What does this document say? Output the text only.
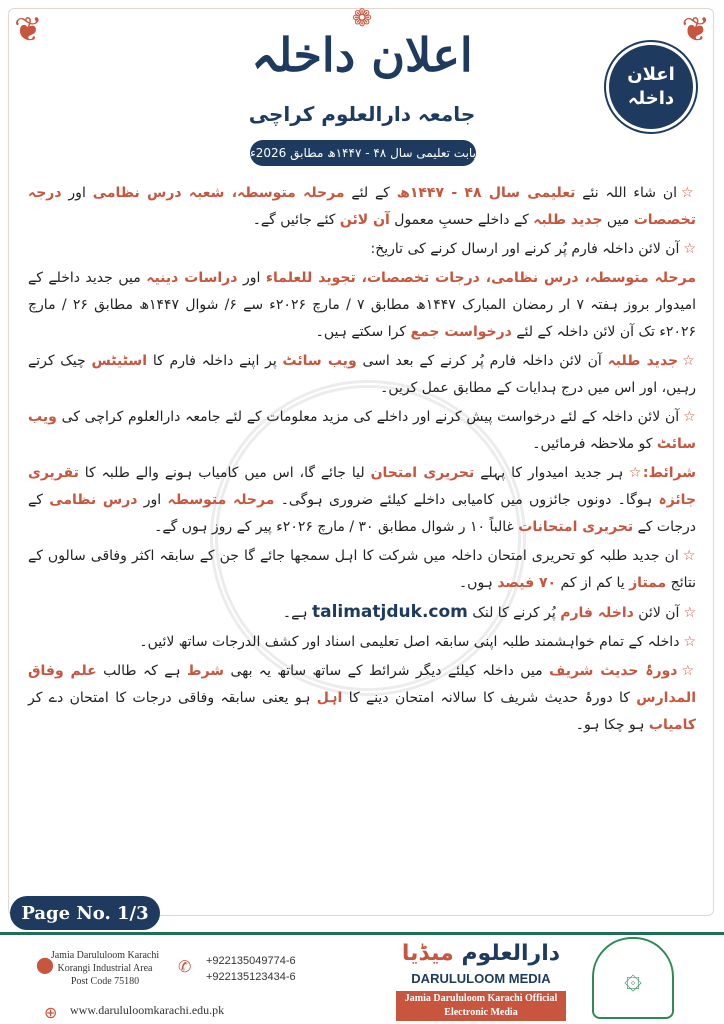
❦	❦
❁
اعلان
داخلہ
اعلان داخلہ
جامعہ دارالعلوم کراچی
بابت تعلیمی سال ۴۸ - ۱۴۴۷ھ مطابق 2026ء

☆ان شاء اللہ نئے تعلیمی سال ۴۸ - ۱۴۴۷ھ کے لئے مرحلہ متوسطہ، شعبہ درس نظامی اور درجہ تخصصات میں جدید طلبہ کے داخلے حسبِ معمول آن لائن کئے جائیں گے۔

☆آن لائن داخلہ فارم پُر کرنے اور ارسال کرنے کی تاریخ:

مرحلہ متوسطہ، درس نظامی، درجات تخصصات، تجوید للعلماء اور دراسات دینیہ میں جدید داخلے کے امیدوار بروز ہفتہ ۷ ار رمضان المبارک ۱۴۴۷ھ مطابق ۷ / مارچ ۲۰۲۶ء سے ۶/ شوال ۱۴۴۷ھ مطابق ۲۶ / مارچ ۲۰۲۶ء تک آن لائن داخلہ کے لئے درخواست جمع کرا سکتے ہیں۔

☆جدید طلبہ آن لائن داخلہ فارم پُر کرنے کے بعد اسی ویب سائٹ پر اپنے داخلہ فارم کا اسٹیٹس چیک کرتے رہیں، اور اس میں درج ہدایات کے مطابق عمل کریں۔

☆آن لائن داخلہ کے لئے درخواست پیش کرنے اور داخلے کی مزید معلومات کے لئے جامعہ دارالعلوم کراچی کی ویب سائٹ کو ملاحظہ فرمائیں۔

شرائط:☆ہر جدید امیدوار کا پہلے تحریری امتحان لیا جائے گا، اس میں کامیاب ہونے والے طلبہ کا تقریری جائزہ ہوگا۔ دونوں جائزوں میں کامیابی داخلے کیلئے ضروری ہوگی۔ مرحلہ متوسطہ اور درس نظامی کے درجات کے تحریری امتحانات غالباً ۱۰ ر شوال مطابق ۳۰ / مارچ ۲۰۲۶ء پیر کے روز ہوں گے۔

☆ان جدید طلبہ کو تحریری امتحان داخلہ میں شرکت کا اہل سمجھا جائے گا جن کے سابقہ اکثر وفاقی سالوں کے نتائج ممتاز یا کم از کم ۷۰ فیصد ہوں۔

☆آن لائن داخلہ فارم پُر کرنے کا لنک talimatjduk.com ہے۔

☆داخلہ کے تمام خواہشمند طلبہ اپنی سابقہ اصل تعلیمی اسناد اور کشف الدرجات ساتھ لائیں۔

☆دورۂ حدیث شریف میں داخلہ کیلئے دیگر شرائط کے ساتھ ساتھ یہ بھی شرط ہے کہ طالب علم وفاق المدارس کا دورۂ حدیث شریف کا سالانہ امتحان دینے کا اہل ہو یعنی سابقہ وفاقی درجات کا امتحان دے کر کامیاب ہو چکا ہو۔

Page No. 1/3
⬤
Jamia Darululoom Karachi
Korangi Industrial Area
Post Code 75180
✆ +922135049774-6
+922135123434-6
⊕ www.darululoomkarachi.edu.pk
دارالعلوم میڈیا
DARULULOOM MEDIA
Jamia Darululoom Karachi Official
Electronic Media
۞
